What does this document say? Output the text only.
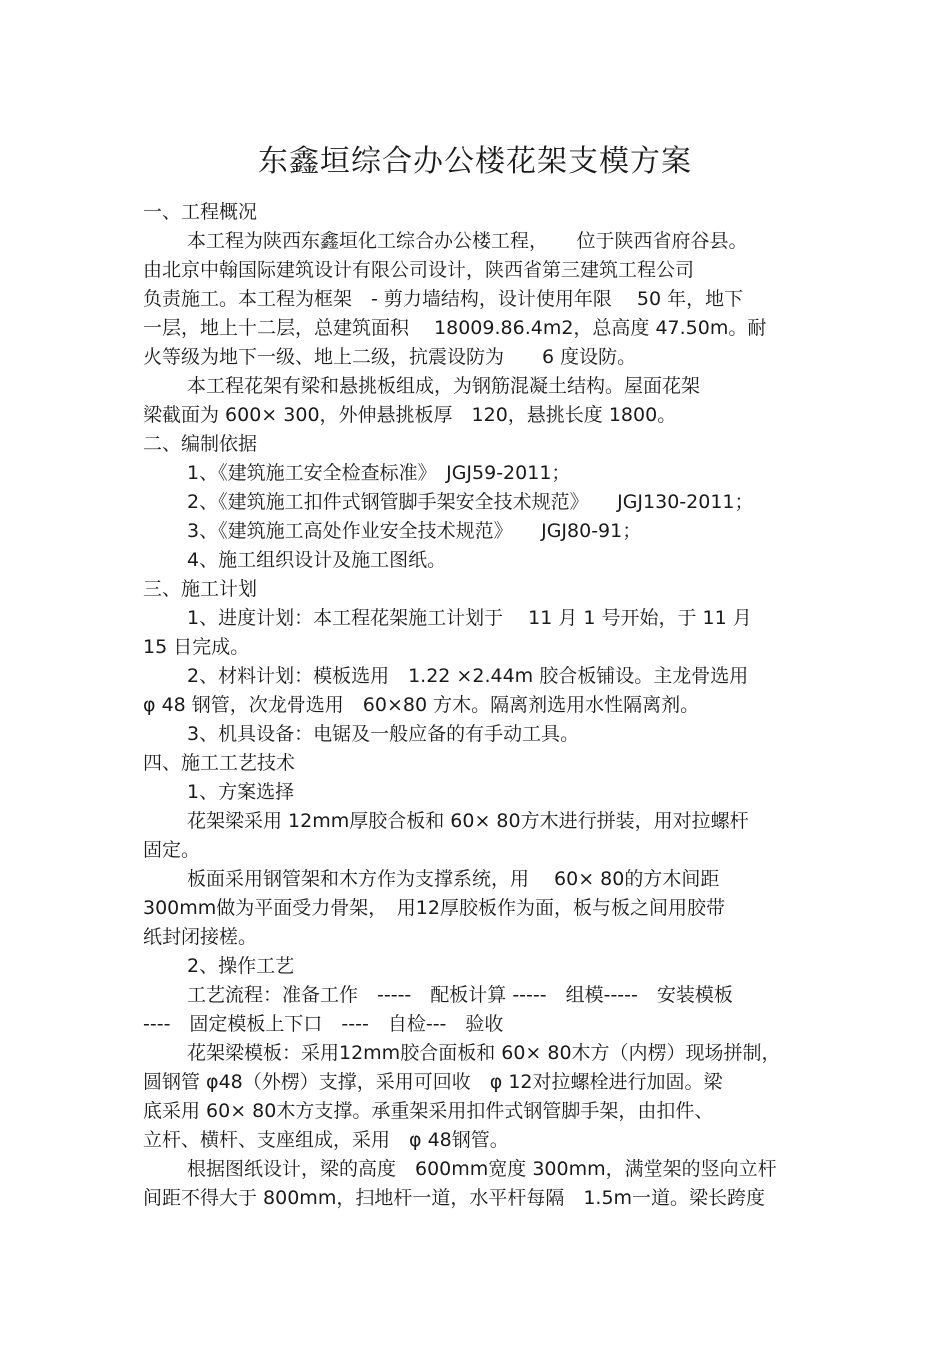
东鑫垣综合办公楼花架支模方案

一、工程概况

本工程为陕西东鑫垣化工综合办公楼工程，　　位于陕西省府谷县。

由北京中翰国际建筑设计有限公司设计，陕西省第三建筑工程公司

负责施工。本工程为框架　- 剪力墙结构，设计使用年限　 50 年，地下

一层，地上十二层，总建筑面积　 18009.86.4m2，总高度 47.50m。耐

火等级为地下一级、地上二级，抗震设防为　　6 度设防。

本工程花架有梁和悬挑板组成，为钢筋混凝土结构。屋面花架

梁截面为 600× 300，外伸悬挑板厚　120，悬挑长度 1800。

二、编制依据

1、《建筑施工安全检查标准》　JGJ59-2011；

2、《建筑施工扣件式钢管脚手架安全技术规范》　　JGJ130-2011；

3、《建筑施工高处作业安全技术规范》　　JGJ80-91；

4、施工组织设计及施工图纸。

三、施工计划

1、进度计划：本工程花架施工计划于　 11 月 1 号开始，于 11 月

15 日完成。

2、材料计划：模板选用　1.22 ×2.44m 胶合板铺设。主龙骨选用

φ 48 钢管，次龙骨选用　60×80 方木。隔离剂选用水性隔离剂。

3、机具设备：电锯及一般应备的有手动工具。

四、施工工艺技术

1、方案选择

花架梁采用 12mm厚胶合板和 60× 80方木进行拼装，用对拉螺杆

固定。

板面采用钢管架和木方作为支撑系统，用　 60× 80的方木间距

300mm做为平面受力骨架，　用12厚胶板作为面，板与板之间用胶带

纸封闭接槎。

2、操作工艺

工艺流程：准备工作　-----　配板计算 -----　组模-----　安装模板

----　固定模板上下口　----　自检---　验收

花架梁模板：采用12mm胶合面板和 60× 80木方（内楞）现场拼制，

圆钢管 φ48（外楞）支撑，采用可回收　φ 12对拉螺栓进行加固。梁

底采用 60× 80木方支撑。承重架采用扣件式钢管脚手架，由扣件、

立杆、横杆、支座组成，采用　φ 48钢管。

根据图纸设计，梁的高度　600mm宽度 300mm，满堂架的竖向立杆

间距不得大于 800mm，扫地杆一道，水平杆每隔　1.5m一道。梁长跨度
